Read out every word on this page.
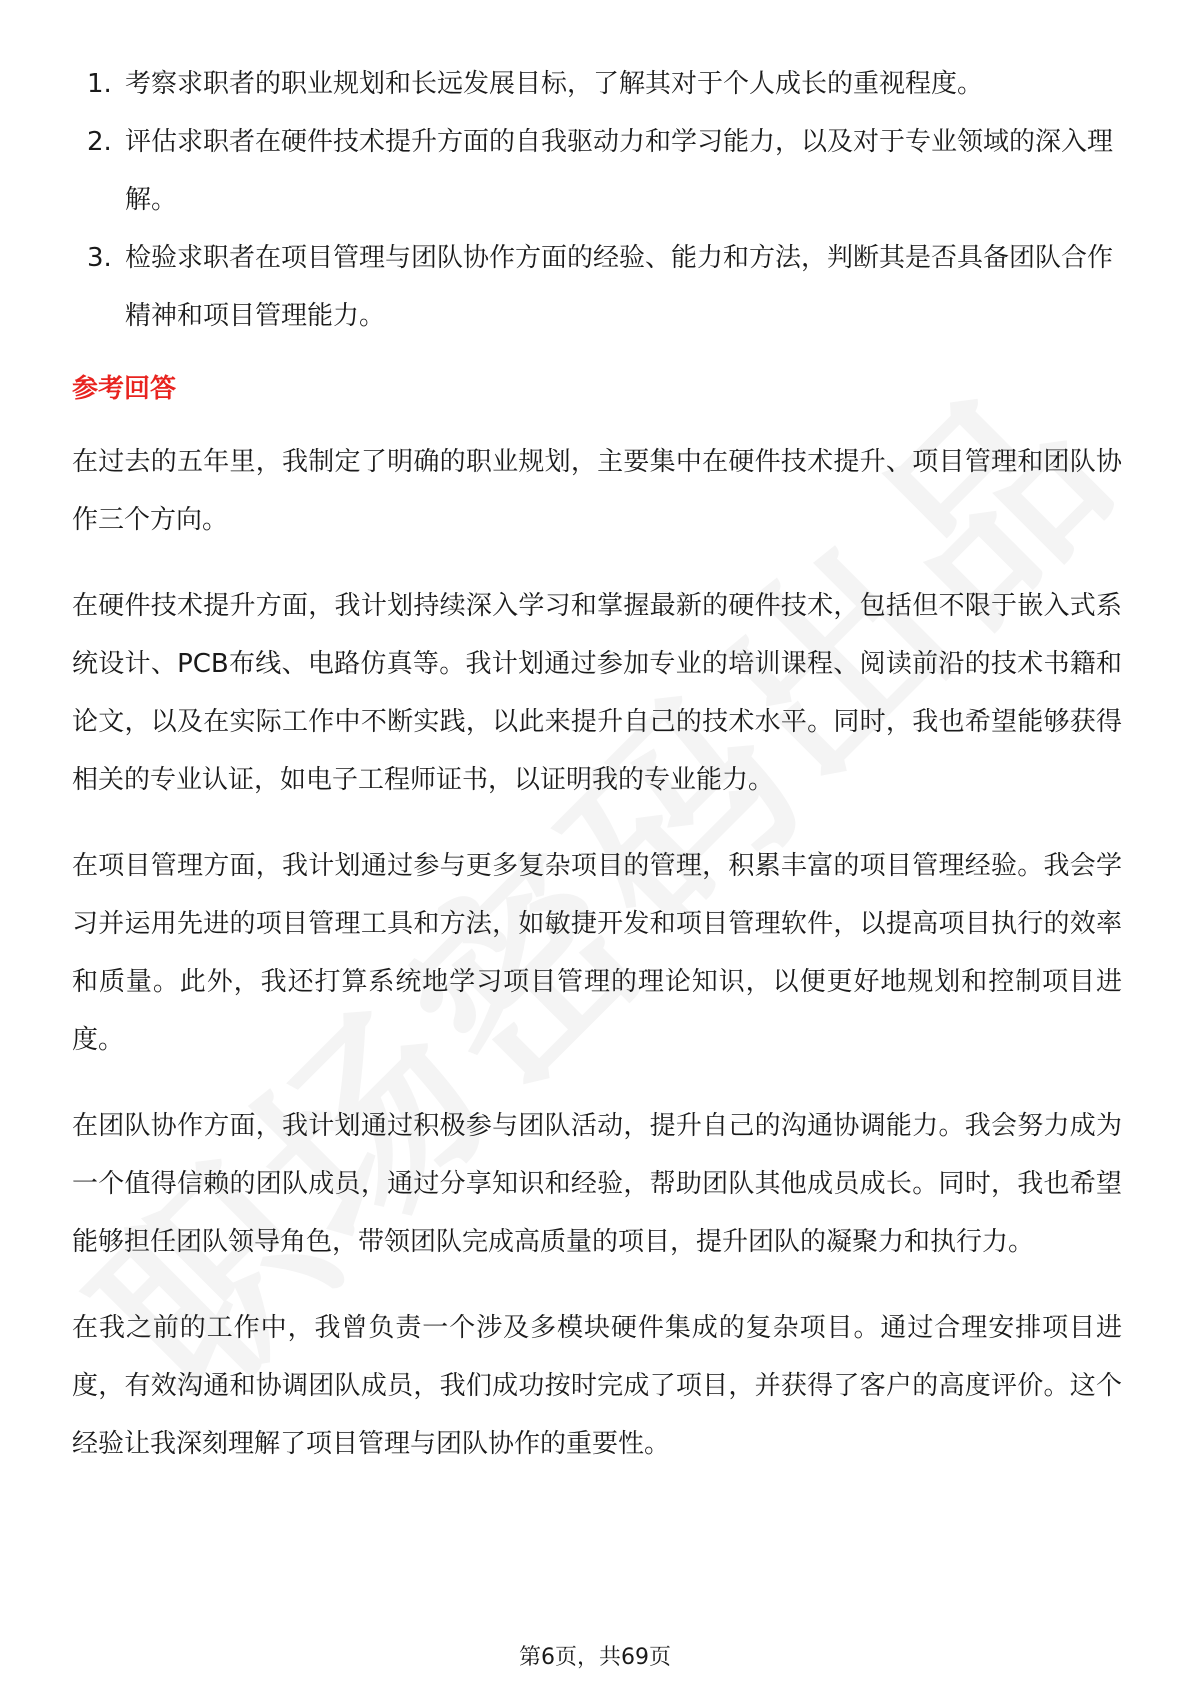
1. 考察求职者的职业规划和长远发展目标，了解其对于个人成长的重视程度。
2. 评估求职者在硬件技术提升方面的自我驱动力和学习能力，以及对于专业领域的深入理解。
3. 检验求职者在项目管理与团队协作方面的经验、能力和方法，判断其是否具备团队合作精神和项目管理能力。
参考回答

在过去的五年里，我制定了明确的职业规划，主要集中在硬件技术提升、项目管理和团队协作三个方向。

在硬件技术提升方面，我计划持续深入学习和掌握最新的硬件技术，包括但不限于嵌入式系统设计、PCB布线、电路仿真等。我计划通过参加专业的培训课程、阅读前沿的技术书籍和论文，以及在实际工作中不断实践，以此来提升自己的技术水平。同时，我也希望能够获得相关的专业认证，如电子工程师证书，以证明我的专业能力。

在项目管理方面，我计划通过参与更多复杂项目的管理，积累丰富的项目管理经验。我会学习并运用先进的项目管理工具和方法，如敏捷开发和项目管理软件，以提高项目执行的效率和质量。此外，我还打算系统地学习项目管理的理论知识，以便更好地规划和控制项目进度。

在团队协作方面，我计划通过积极参与团队活动，提升自己的沟通协调能力。我会努力成为一个值得信赖的团队成员，通过分享知识和经验，帮助团队其他成员成长。同时，我也希望能够担任团队领导角色，带领团队完成高质量的项目，提升团队的凝聚力和执行力。

在我之前的工作中，我曾负责一个涉及多模块硬件集成的复杂项目。通过合理安排项目进度，有效沟通和协调团队成员，我们成功按时完成了项目，并获得了客户的高度评价。这个经验让我深刻理解了项目管理与团队协作的重要性。

第6页，共69页
